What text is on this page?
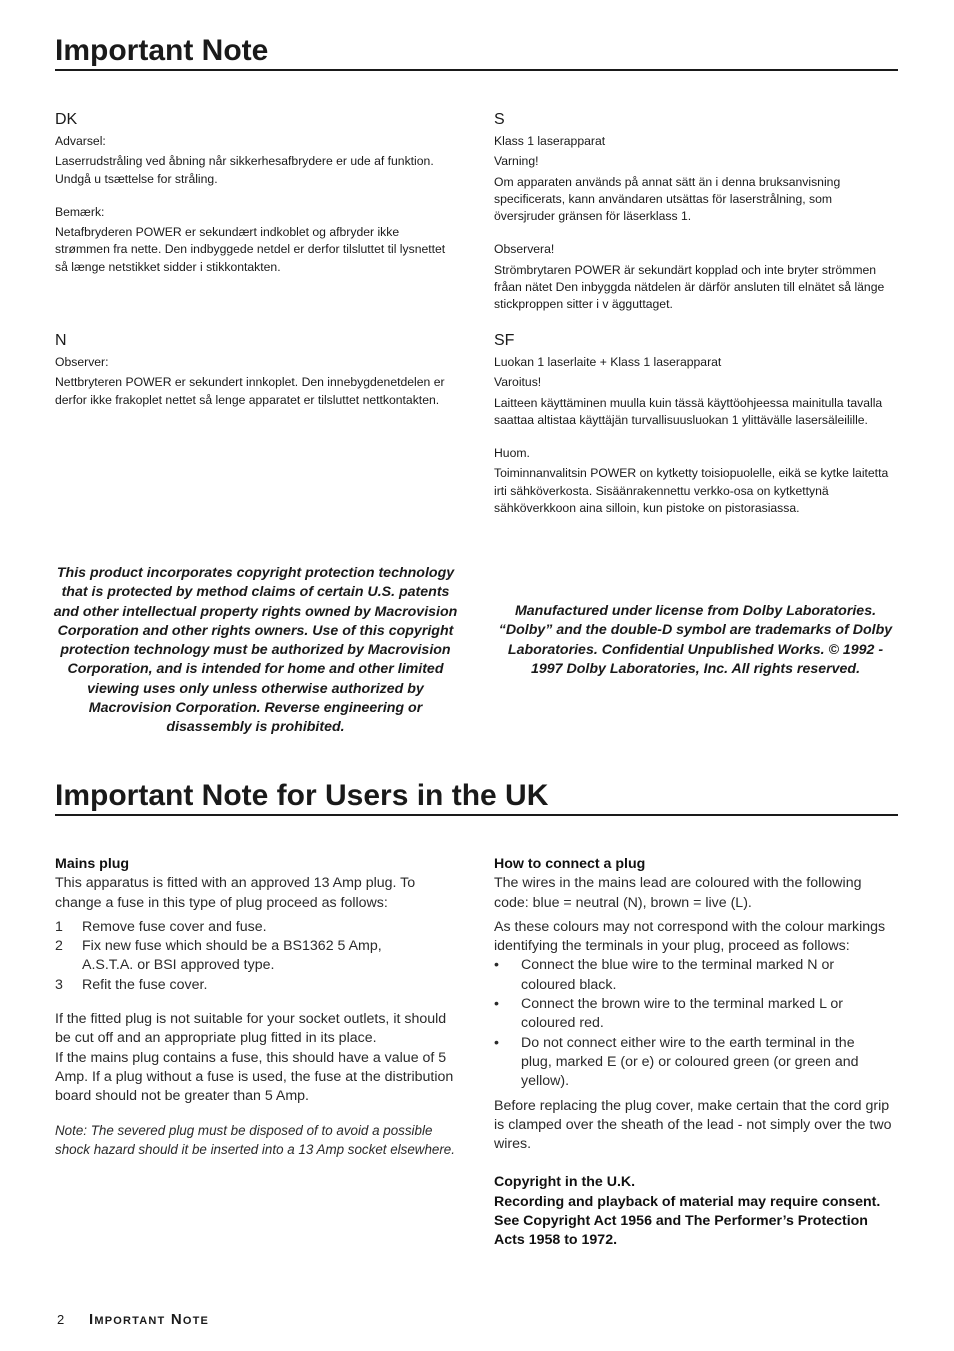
Important Note

DK

Advarsel:

Laserrudstråling ved åbning når sikkerhesafbrydere er ude af funktion. Undgå u tsættelse for stråling.

Bemærk:

Netafbryderen POWER er sekundært indkoblet og afbryder ikke strømmen fra nette. Den indbyggede netdel er derfor tilsluttet til lysnettet så længe netstikket sidder i stikkontakten.

N

Observer:

Nettbryteren POWER er sekundert innkoplet. Den innebygdenetdelen er derfor ikke frakoplet nettet så lenge apparatet er tilsluttet nettkontakten.

S

Klass 1 laserapparat

Varning!

Om apparaten används på annat sätt än i denna bruksanvisning specificerats, kann användaren utsättas för laserstrålning, som översjruder gränsen för läserklass 1.

Observera!

Strömbrytaren POWER är sekundärt kopplad och inte bryter strömmen fråan nätet Den inbyggda nätdelen är därför ansluten till elnätet så länge stickproppen sitter i v ägguttaget.

SF

Luokan 1 laserlaite + Klass 1 laserapparat

Varoitus!

Laitteen käyttäminen muulla kuin tässä käyttöohjeessa mainitulla tavalla saattaa altistaa käyttäjän turvallisuusluokan 1 ylittävälle lasersäleilille.

Huom.

Toiminnanvalitsin POWER on kytketty toisiopuolelle, eikä se kytke laitetta irti sähköverkosta. Sisäänrakennettu verkko-osa on kytkettynä sähköverkkoon aina silloin, kun pistoke on pistorasiassa.

This product incorporates copyright protection technology that is protected by method claims of certain U.S. patents and other intellectual property rights owned by Macrovision Corporation and other rights owners. Use of this copyright protection technology must be authorized by Macrovision Corporation, and is intended for home and other limited viewing uses only unless otherwise authorized by Macrovision Corporation. Reverse engineering or disassembly is prohibited.
Manufactured under license from Dolby Laboratories. “Dolby” and the double-D symbol are trademarks of Dolby Laboratories. Confidential Unpublished Works. © 1992 - 1997 Dolby Laboratories, Inc. All rights reserved.
Important Note for Users in the UK

Mains plug

This apparatus is fitted with an approved 13 Amp plug. To change a fuse in this type of plug proceed as follows:

1 Remove fuse cover and fuse.
2 Fix new fuse which should be a BS1362 5 Amp, A.S.T.A. or BSI approved type.
3 Refit the fuse cover.

If the fitted plug is not suitable for your socket outlets, it should be cut off and an appropriate plug fitted in its place.

If the mains plug contains a fuse, this should have a value of 5 Amp. If a plug without a fuse is used, the fuse at the distribution board should not be greater than 5 Amp.

Note: The severed plug must be disposed of to avoid a possible shock hazard should it be inserted into a 13 Amp socket elsewhere.

How to connect a plug

The wires in the mains lead are coloured with the following code: blue = neutral (N), brown = live (L).

As these colours may not correspond with the colour markings identifying the terminals in your plug, proceed as follows:

• Connect the blue wire to the terminal marked N or coloured black.
• Connect the brown wire to the terminal marked L or coloured red.
• Do not connect either wire to the earth terminal in the plug, marked E (or e) or coloured green (or green and yellow).

Before replacing the plug cover, make certain that the cord grip is clamped over the sheath of the lead - not simply over the two wires.

Copyright in the U.K.

Recording and playback of material may require consent. See Copyright Act 1956 and The Performer’s Protection Acts 1958 to 1972.

2 Important Note
